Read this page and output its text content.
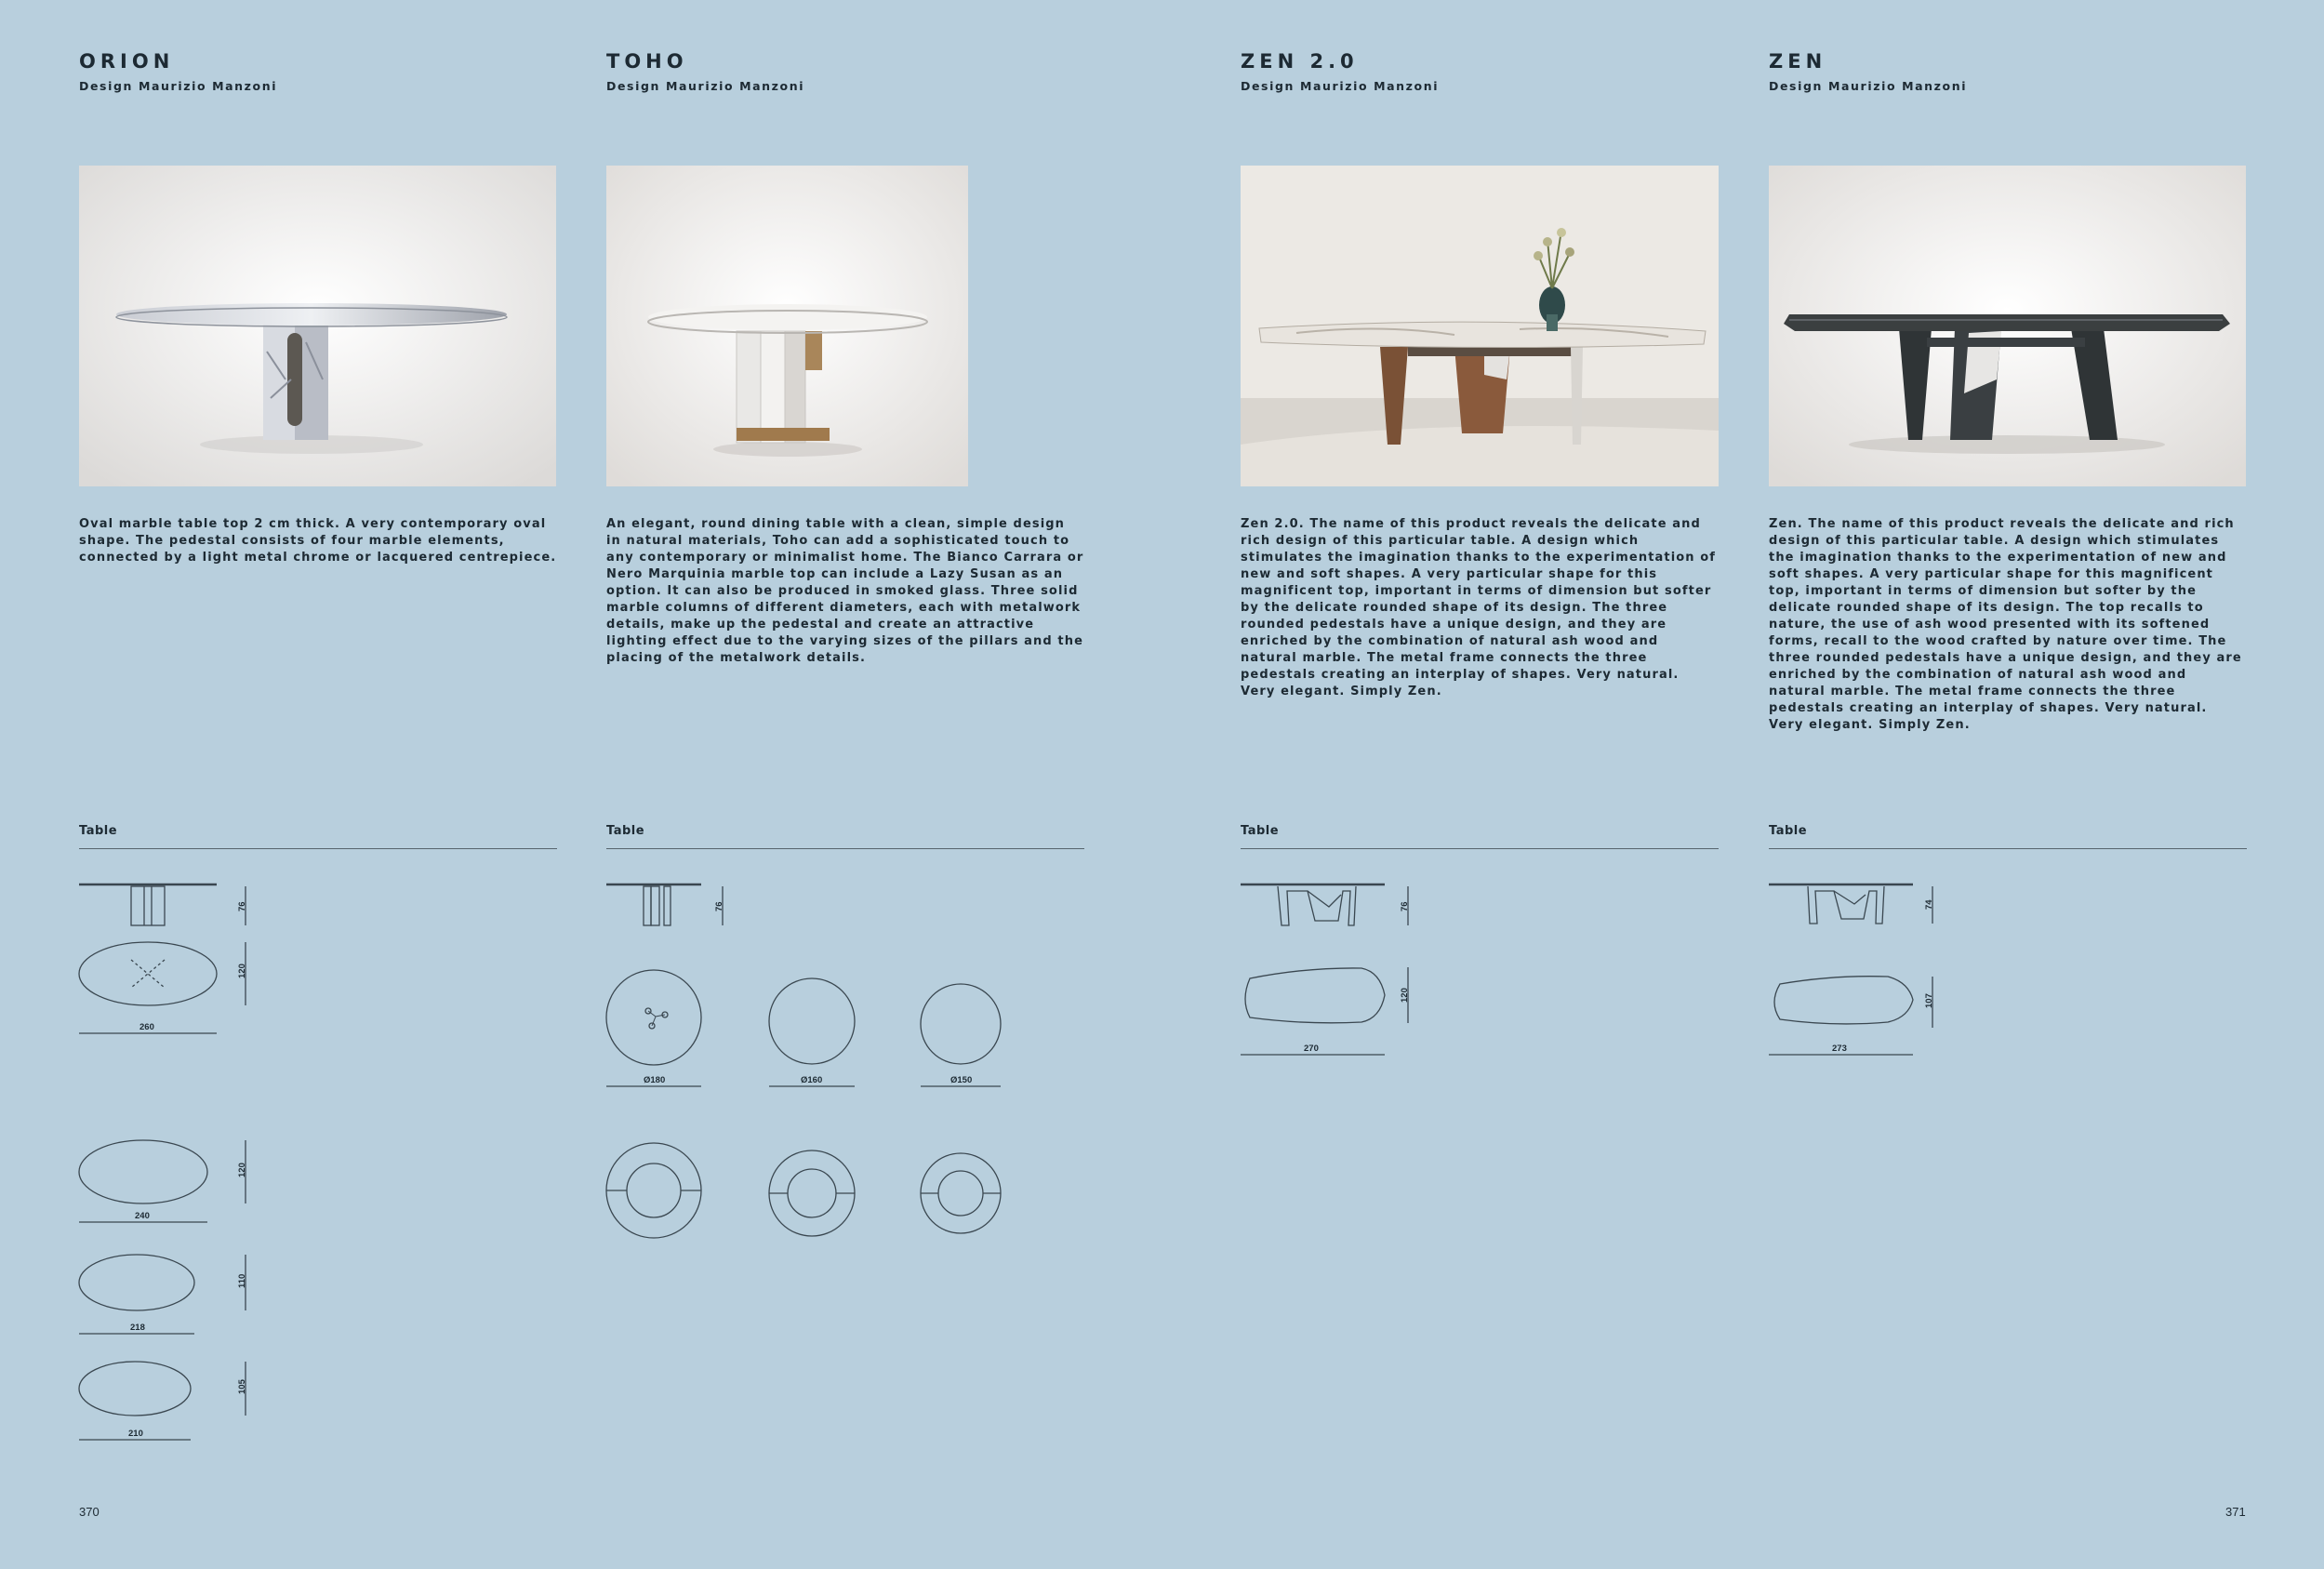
ORION
Design Maurizio Manzoni
Oval marble table top 2 cm thick. A very contemporary oval shape. The pedestal consists of four marble elements, connected by a light metal chrome or lacquered centrepiece.
Table
76
120
260
120
240
110
218
105
210
TOHO
Design Maurizio Manzoni
An elegant, round dining table with a clean, simple design in natural materials, Toho can add a sophisticated touch to any contemporary or minimalist home. The Bianco Carrara or Nero Marquinia marble top can include a Lazy Susan as an option. It can also be produced in smoked glass. Three solid marble columns of different diameters, each with metalwork details, make up the pedestal and create an attractive lighting effect due to the varying sizes of the pillars and the placing of the metalwork details.
Table
76
Ø180	Ø160	Ø150
ZEN 2.0
Design Maurizio Manzoni
Zen 2.0. The name of this product reveals the delicate and rich design of this particular table. A design which stimulates the imagination thanks to the experimentation of new and soft shapes. A very particular shape for this magnificent top, important in terms of dimension but softer by the delicate rounded shape of its design. The three rounded pedestals have a unique design, and they are enriched by the combination of natural ash wood and natural marble. The metal frame connects the three pedestals creating an interplay of shapes. Very natural. Very elegant. Simply Zen.
Table
76
120
270
ZEN
Design Maurizio Manzoni
Zen. The name of this product reveals the delicate and rich design of this particular table. A design which stimulates the imagination thanks to the experimentation of new and soft shapes. A very particular shape for this magnificent top, important in terms of dimension but softer by the delicate rounded shape of its design. The top recalls to nature, the use of ash wood presented with its softened forms, recall to the wood crafted by nature over time. The three rounded pedestals have a unique design, and they are enriched by the combination of natural ash wood and natural marble. The metal frame connects the three pedestals creating an interplay of shapes. Very natural. Very elegant. Simply Zen.
Table
74
107
273
370	371
